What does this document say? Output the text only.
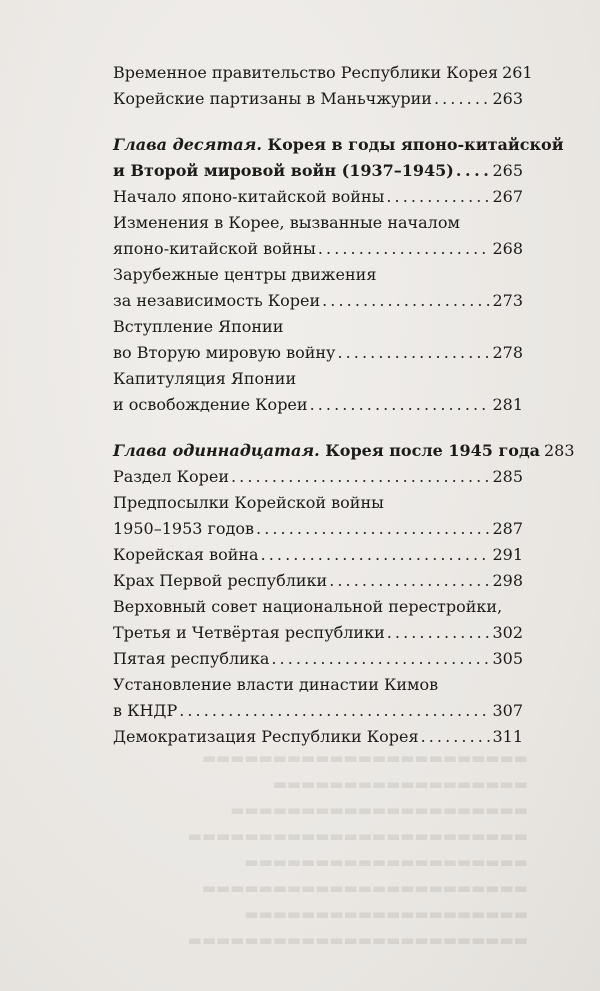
▬▬▬▬▬▬▬▬▬▬▬▬▬▬▬▬▬▬▬▬▬▬▬
▬▬▬▬▬▬▬▬▬▬▬▬▬▬▬▬▬▬
▬▬▬▬▬▬▬▬▬▬▬▬▬▬▬▬▬▬▬▬▬
▬▬▬▬▬▬▬▬▬▬▬▬▬▬▬▬▬▬▬▬▬▬▬▬
▬▬▬▬▬▬▬▬▬▬▬▬▬▬▬▬▬▬▬▬
▬▬▬▬▬▬▬▬▬▬▬▬▬▬▬▬▬▬▬▬▬▬▬
▬▬▬▬▬▬▬▬▬▬▬▬▬▬▬▬▬▬▬▬
▬▬▬▬▬▬▬▬▬▬▬▬▬▬▬▬▬▬▬▬▬▬▬▬
Временное правительство Республики Корея 261
Корейские партизаны в Маньчжурии . . .	263
Глава десятая. Корея в годы японо-китайской
и Второй мировой войн (1937–1945) . . . 265
Начало японо-китайской войны . . .	267
Изменения в Корее, вызванные началом
японо-китайской войны . . .	268
Зарубежные центры движения
за независимость Кореи . . .	273
Вступление Японии
во Вторую мировую войну . . .	278
Капитуляция Японии
и освобождение Кореи . . .	281
Глава одиннадцатая. Корея после 1945 года 283
Раздел Кореи . . .	285
Предпосылки Корейской войны
1950–1953 годов . . .	287
Корейская война . . .	291
Крах Первой республики . . .	298
Верховный совет национальной перестройки,
Третья и Четвёртая республики . . .	302
Пятая республика . . .	305
Установление власти династии Кимов
в КНДР . . .	307
Демократизация Республики Корея . . .	311
